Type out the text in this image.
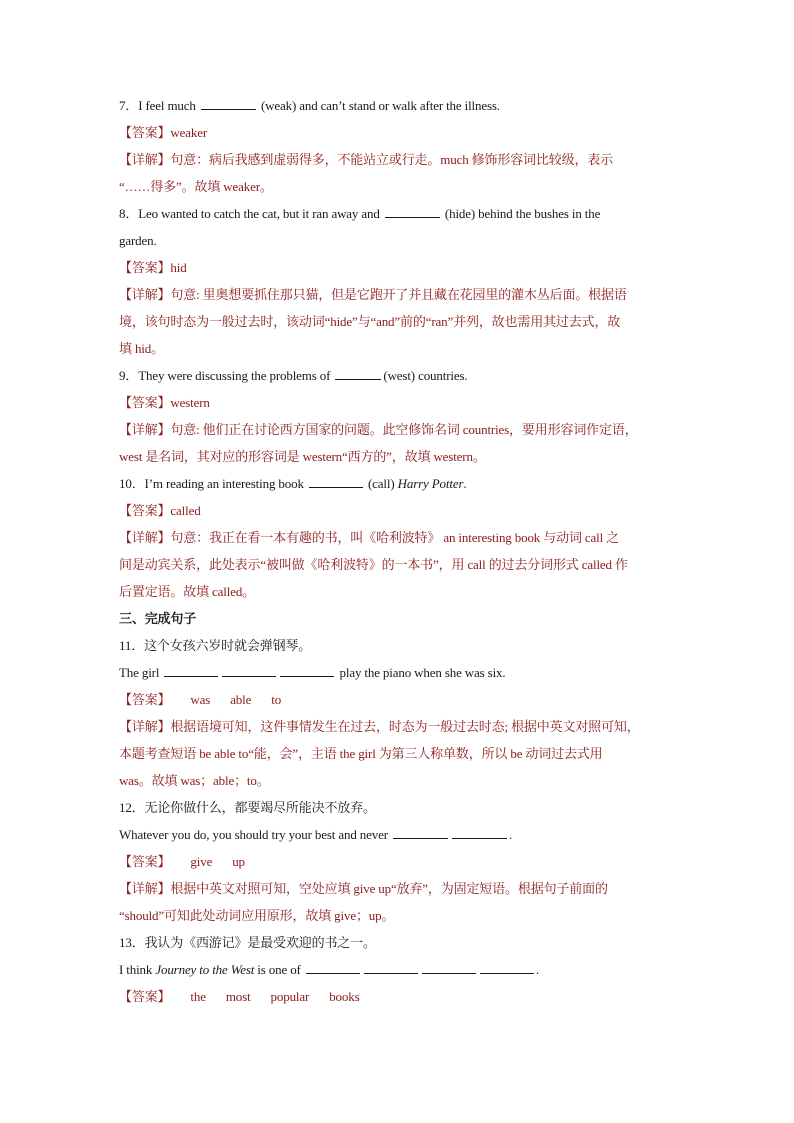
7．I feel much	(weak) and can’t stand or walk after the illness.
【答案】weaker
【详解】句意：病后我感到虚弱得多，不能站立或行走。much 修饰形容词比较级，表示
“……得多”。故填 weaker。
8．Leo wanted to catch the cat, but it ran away and	(hide) behind the bushes in the
garden.
【答案】hid
【详解】句意: 里奥想要抓住那只猫，但是它跑开了并且藏在花园里的灌木丛后面。根据语
境，该句时态为一般过去时，该动词“hide”与“and”前的“ran”并列，故也需用其过去式，故
填 hid。
9．They were discussing the problems of	(west) countries.
【答案】western
【详解】句意: 他们正在讨论西方国家的问题。此空修饰名词 countries，要用形容词作定语，
west 是名词，其对应的形容词是 western“西方的”，故填 western。
10．I’m reading an interesting book	(call) Harry Potter.
【答案】called
【详解】句意：我正在看一本有趣的书，叫《哈利波特》 an interesting book 与动词 call 之
间是动宾关系，此处表示“被叫做《哈利波特》的一本书”，用 call 的过去分词形式 called 作
后置定语。故填 called。
三、完成句子
11．这个女孩六岁时就会弹钢琴。
The girl	play the piano when she was six.
【答案】 was able to
【详解】根据语境可知，这件事情发生在过去，时态为一般过去时态; 根据中英文对照可知，
本题考查短语 be able to“能，会”，主语 the girl 为第三人称单数，所以 be 动词过去式用
was。故填 was；able；to。
12．无论你做什么，都要竭尽所能决不放弃。
Whatever you do, you should try your best and never	.
【答案】 give up
【详解】根据中英文对照可知，空处应填 give up“放弃”，为固定短语。根据句子前面的
“should”可知此处动词应用原形，故填 give；up。
13．我认为《西游记》是最受欢迎的书之一。
I think Journey to the West is one of	.
【答案】 the most popular books
